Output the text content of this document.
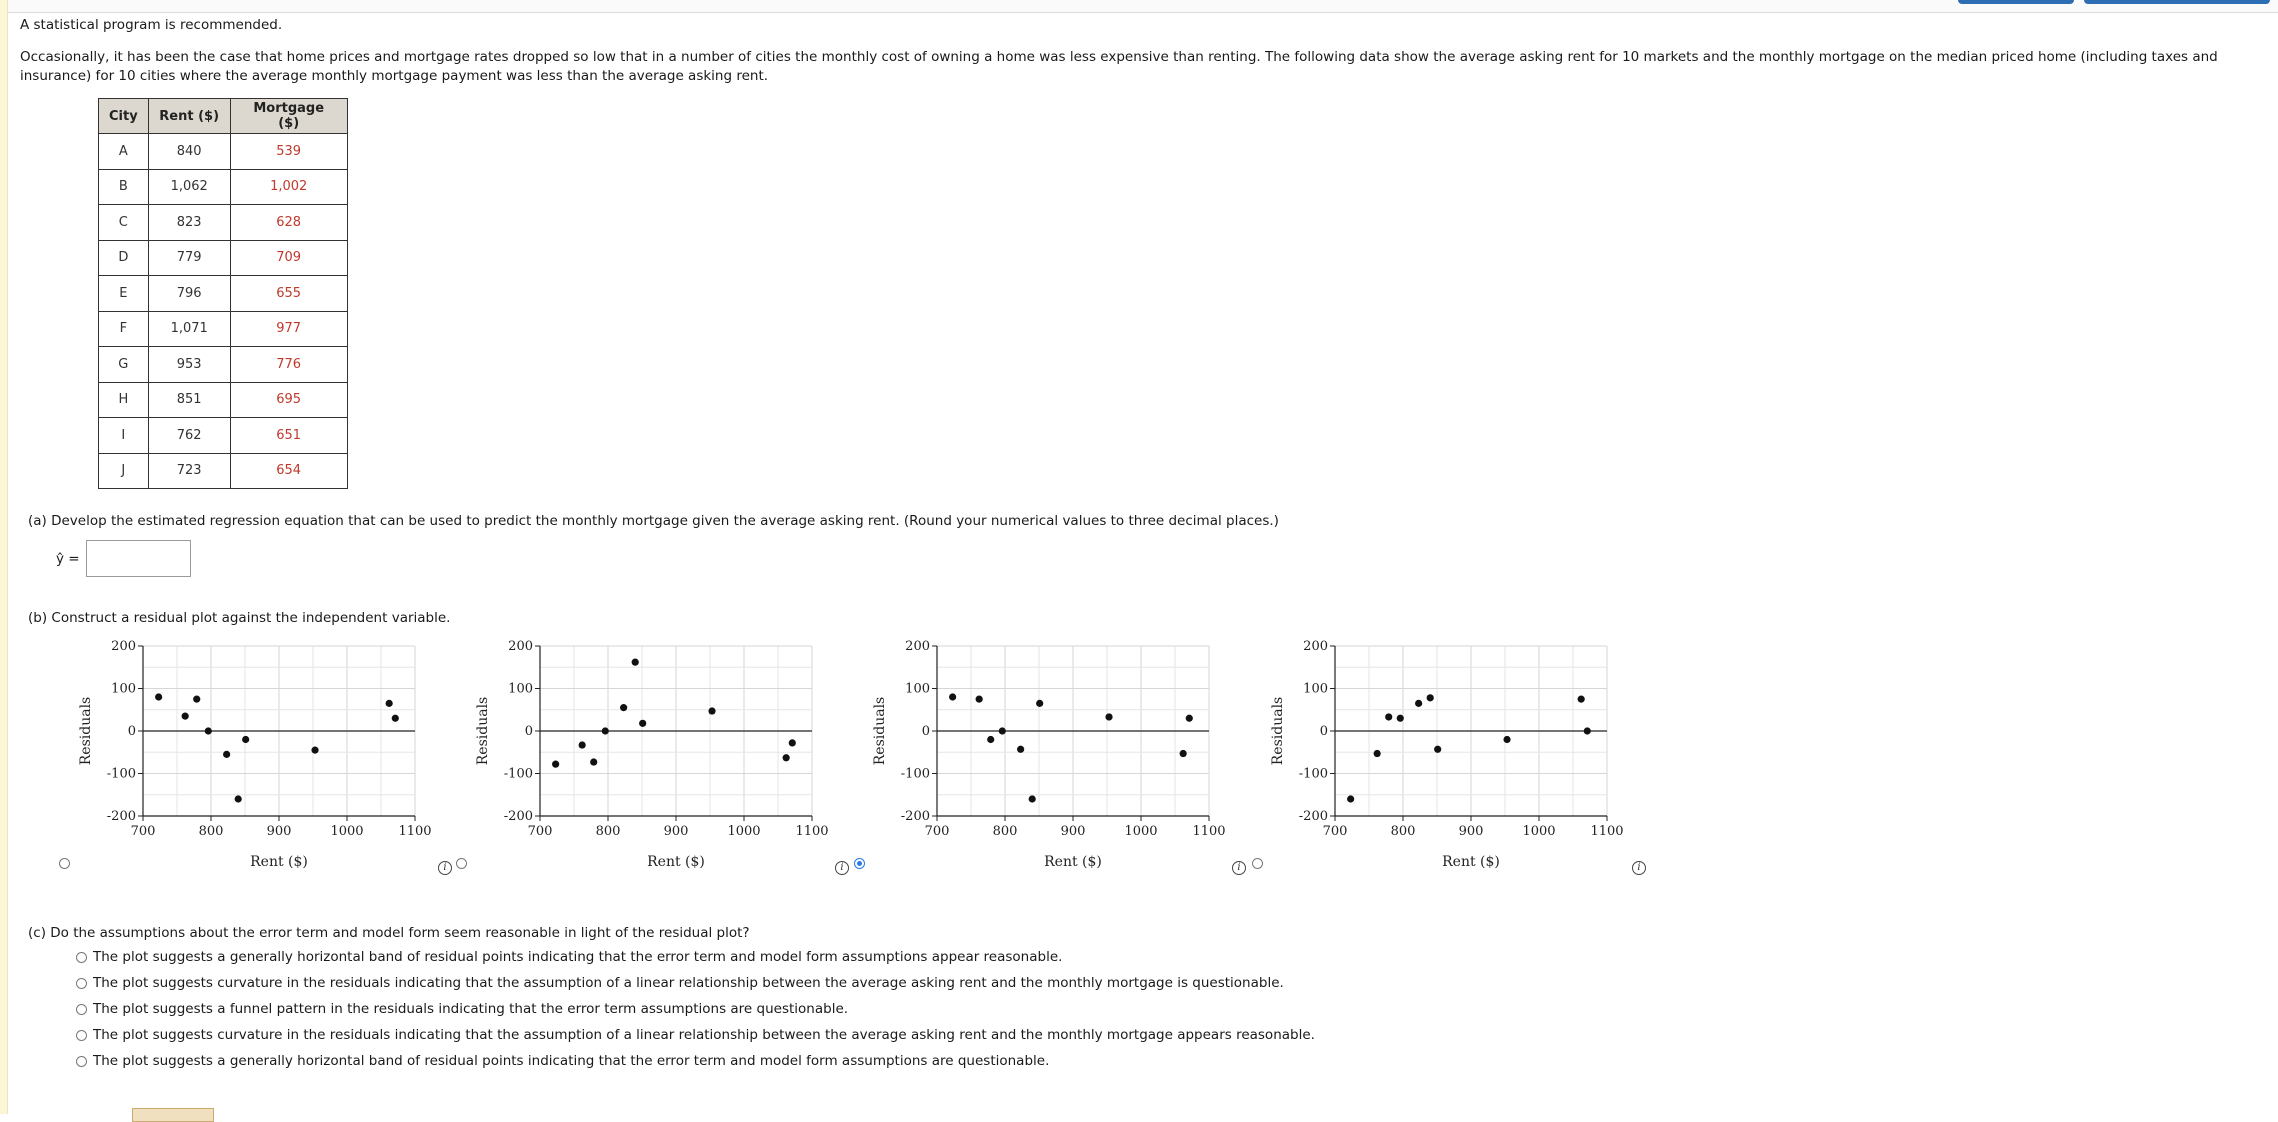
A statistical program is recommended.
Occasionally, it has been the case that home prices and mortgage rates dropped so low that in a number of cities the monthly cost of owning a home was less expensive than renting. The following data show the average asking rent for 10 markets and the monthly mortgage on the median priced home (including taxes and insurance) for 10 cities where the average monthly mortgage payment was less than the average asking rent.
City	Rent ($)	Mortgage ($)
A	840	539
B	1,062	1,002
C	823	628
D	779	709
E	796	655
F	1,071	977
G	953	776
H	851	695
I	762	651
J	723	654
(a) Develop the estimated regression equation that can be used to predict the monthly mortgage given the average asking rent. (Round your numerical values to three decimal places.)
ŷ =
(b) Construct a residual plot against the independent variable.
200
100
0
-100
-200
700	800	900	1000	1100
Residuals
Rent ($)	i
200
100
0
-100
-200
700	800	900	1000	1100
Residuals
Rent ($)	i
200
100
0
-100
-200
700	800	900	1000	1100
Residuals
Rent ($)	i
200
100
0
-100
-200
700	800	900	1000	1100
Residuals
Rent ($)	i
(c) Do the assumptions about the error term and model form seem reasonable in light of the residual plot?
The plot suggests a generally horizontal band of residual points indicating that the error term and model form assumptions appear reasonable.
The plot suggests curvature in the residuals indicating that the assumption of a linear relationship between the average asking rent and the monthly mortgage is questionable.
The plot suggests a funnel pattern in the residuals indicating that the error term assumptions are questionable.
The plot suggests curvature in the residuals indicating that the assumption of a linear relationship between the average asking rent and the monthly mortgage appears reasonable.
The plot suggests a generally horizontal band of residual points indicating that the error term and model form assumptions are questionable.
